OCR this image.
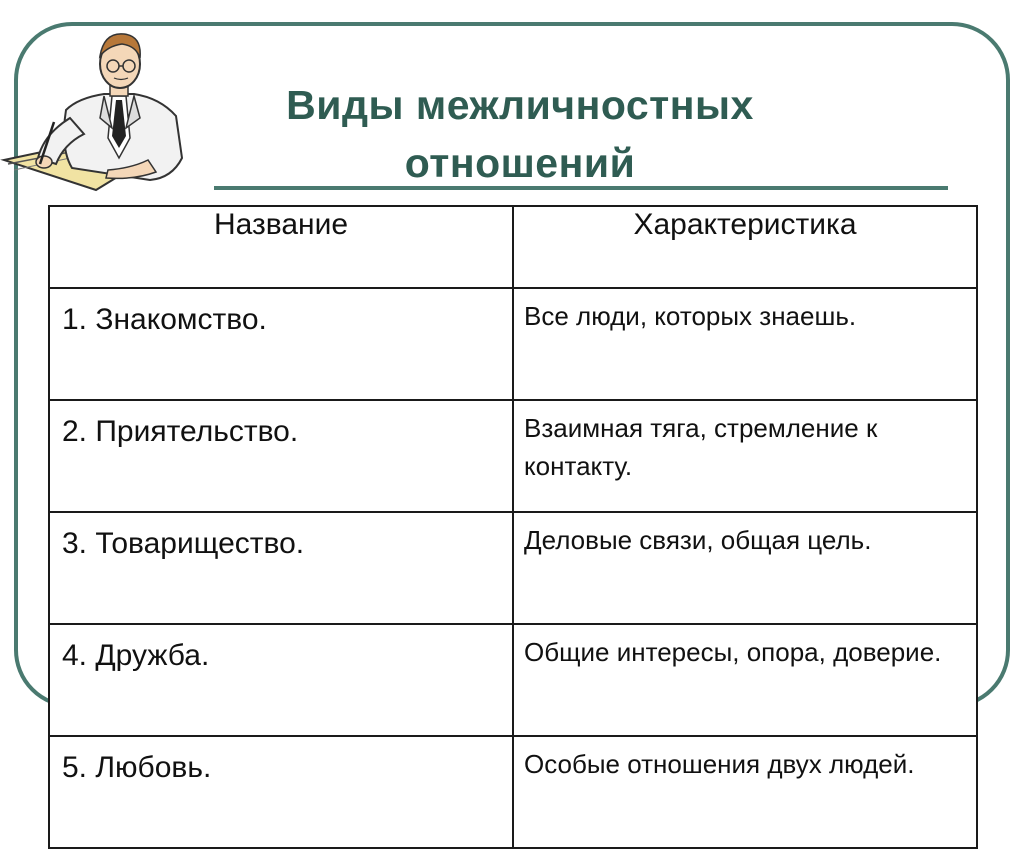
Виды межличностных
отношений
Название	Характеристика
1. Знакомство.	Все люди, которых знаешь.
2. Приятельство.	Взаимная тяга, стремление к контакту.
3. Товарищество.	Деловые связи, общая цель.
4. Дружба.	Общие интересы, опора, доверие.
5. Любовь.	Особые отношения двух людей.
